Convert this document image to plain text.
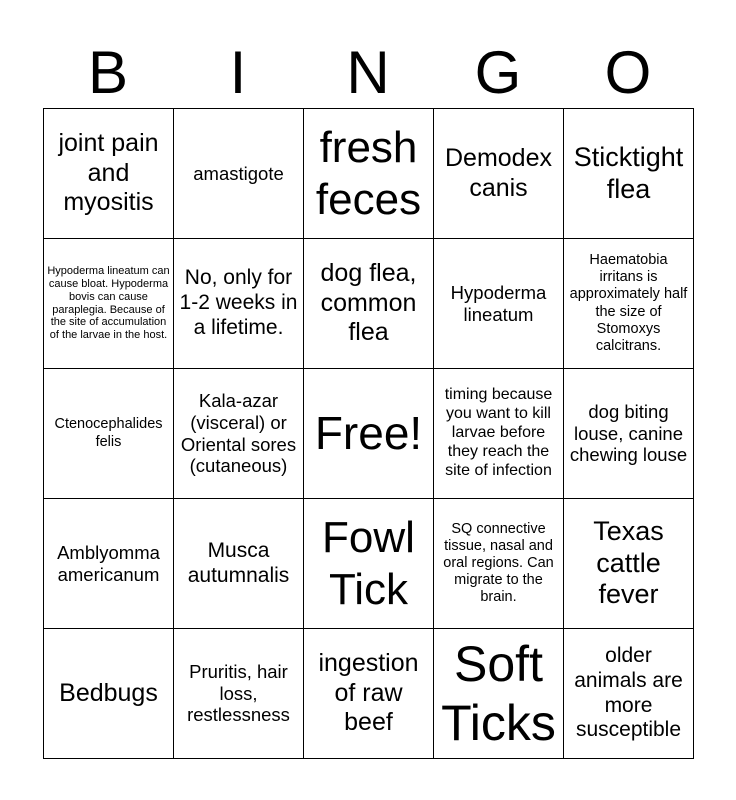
B	I	N	G	O
joint pain and myositis	amastigote	fresh feces	Demodex canis	Sticktight flea
Hypoderma lineatum can cause bloat. Hypoderma bovis can cause paraplegia. Because of the site of accumulation of the larvae in the host.	No, only for 1-2 weeks in a lifetime.	dog flea, common flea	Hypoderma lineatum	Haematobia irritans is approximately half the size of Stomoxys calcitrans.
Ctenocephalides felis	Kala-azar (visceral) or Oriental sores (cutaneous)	Free!	timing because you want to kill larvae before they reach the site of infection	dog biting louse, canine chewing louse
Amblyomma americanum	Musca autumnalis	Fowl Tick	SQ connective tissue, nasal and oral regions. Can migrate to the brain.	Texas cattle fever
Bedbugs	Pruritis, hair loss, restlessness	ingestion of raw beef	Soft Ticks	older animals are more susceptible
